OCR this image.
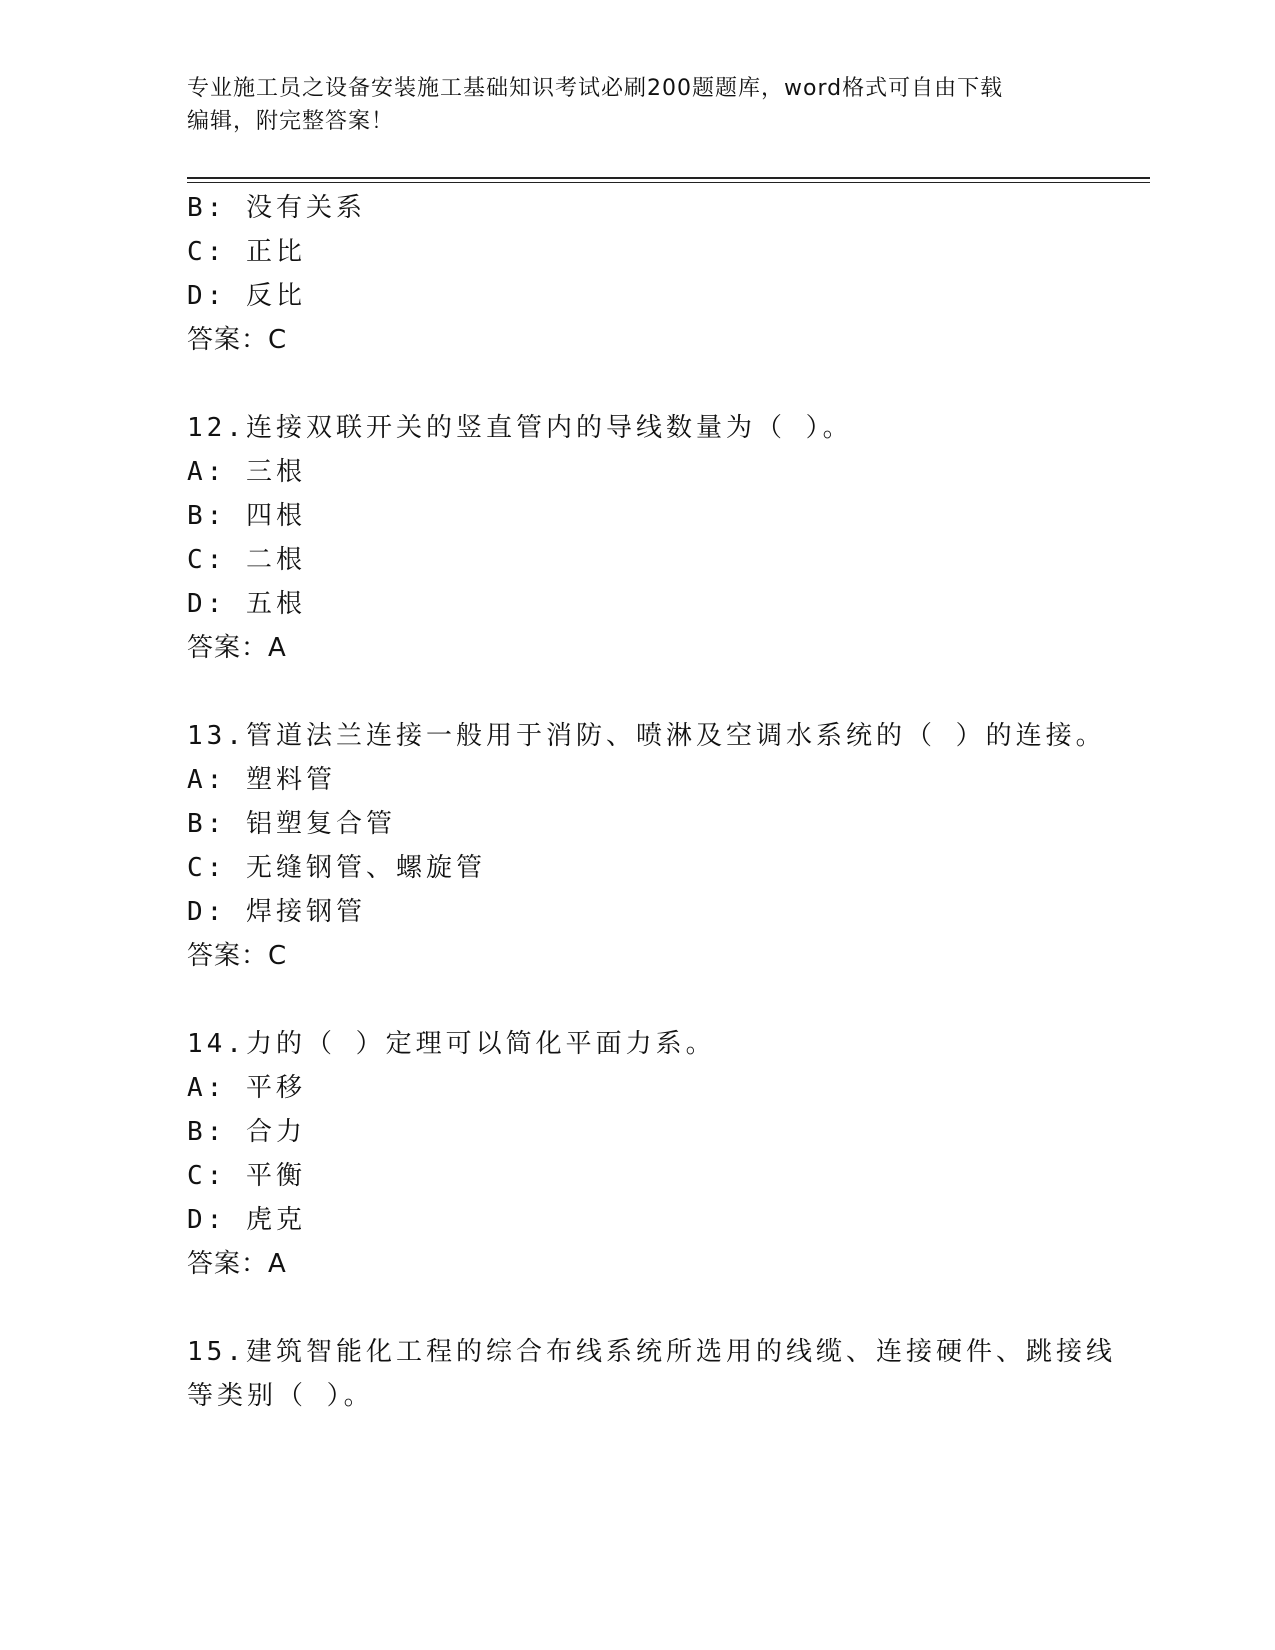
专业施工员之设备安装施工基础知识考试必刷200题题库，word格式可自由下载
编辑，附完整答案！
B: 没有关系
C: 正比
D: 反比
答案：C
12.连接双联开关的竖直管内的导线数量为（ ）。
A: 三根
B: 四根
C: 二根
D: 五根
答案：A
13.管道法兰连接一般用于消防、喷淋及空调水系统的（ ）的连接。
A: 塑料管
B: 铝塑复合管
C: 无缝钢管、螺旋管
D: 焊接钢管
答案：C
14.力的（ ）定理可以简化平面力系。
A: 平移
B: 合力
C: 平衡
D: 虎克
答案：A
15.建筑智能化工程的综合布线系统所选用的线缆、连接硬件、跳接线
等类别（ ）。
